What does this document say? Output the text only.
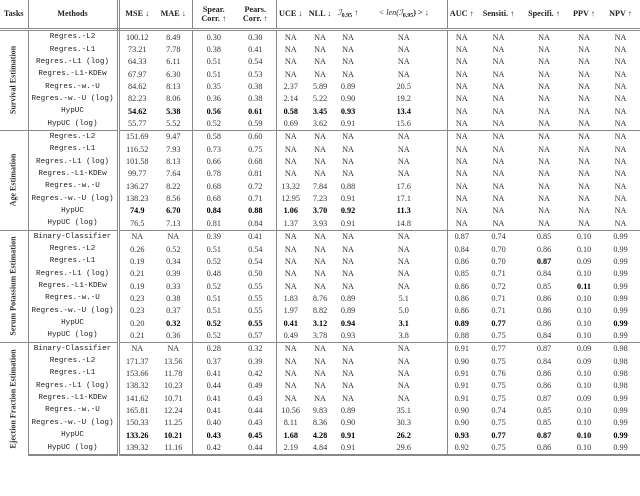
Tasks	Methods	MSE ↓	MAE ↓	Spear. Corr. ↑	Pears. Corr. ↑	UCE ↓	NLL ↓	ℐ$_{0.95}$ ↑	< len(ℐ$_{0.95}$) > ↓	AUC ↑	Sensiti. ↑	Specifi. ↑	PPV ↑	NPV ↑

Survival Estimation	Regres.-L2	100.12	8.49	0.30	0.30	NA	NA	NA	NA	NA	NA	NA	NA	NA
	Regres.-L1	73.21	7.78	0.38	0.41	NA	NA	NA	NA	NA	NA	NA	NA	NA
	Regres.-L1 (log)	64.33	6.11	0.51	0.54	NA	NA	NA	NA	NA	NA	NA	NA	NA
	Regres.-L1-KDEw	67.97	6.30	0.51	0.53	NA	NA	NA	NA	NA	NA	NA	NA	NA
	Regres.-w.-U	84.62	8.13	0.35	0.38	2.37	5.89	0.89	20.5	NA	NA	NA	NA	NA
	Regres.-w.-U (log)	82.23	8.06	0.36	0.38	2.14	5.22	0.90	19.2	NA	NA	NA	NA	NA
	HypUC	54.62	5.38	0.56	0.61	0.58	3.45	0.93	13.4	NA	NA	NA	NA	NA
	HypUC (log)	55.77	5.52	0.52	0.59	0.69	3.62	0.91	15.6	NA	NA	NA	NA	NA

Age Estimation	Regres.-L2	151.69	9.47	0.58	0.60	NA	NA	NA	NA	NA	NA	NA	NA	NA
	Regres.-L1	116.52	7.93	0.73	0.75	NA	NA	NA	NA	NA	NA	NA	NA	NA
	Regres.-L1 (log)	101.58	8.13	0.66	0.68	NA	NA	NA	NA	NA	NA	NA	NA	NA
	Regres.-L1-KDEw	99.77	7.64	0.78	0.81	NA	NA	NA	NA	NA	NA	NA	NA	NA
	Regres.-w.-U	136.27	8.22	0.68	0.72	13.32	7.84	0.88	17.6	NA	NA	NA	NA	NA
	Regres.-w.-U (log)	138.23	8.56	0.68	0.71	12.95	7.23	0.91	17.1	NA	NA	NA	NA	NA
	HypUC	74.9	6.70	0.84	0.88	1.06	3.70	0.92	11.3	NA	NA	NA	NA	NA
	HypUC (log)	76.5	7.13	0.81	0.84	1.37	3.93	0.91	14.8	NA	NA	NA	NA	NA

Serum Potassium Estimation	Binary-Classifier	NA	NA	0.39	0.41	NA	NA	NA	NA	0.87	0.74	0.85	0.10	0.99
	Regres.-L2	0.26	0.52	0.51	0.54	NA	NA	NA	NA	0.84	0.70	0.86	0.10	0.99
	Regres.-L1	0.19	0.34	0.52	0.54	NA	NA	NA	NA	0.86	0.70	0.87	0.09	0.99
	Regres.-L1 (log)	0.21	0.39	0.48	0.50	NA	NA	NA	NA	0.85	0.71	0.84	0.10	0.99
	Regres.-L1-KDEw	0.19	0.33	0.52	0.55	NA	NA	NA	NA	0.86	0.72	0.85	0.11	0.99
	Regres.-w.-U	0.23	0.38	0.51	0.55	1.83	8.76	0.89	5.1	0.86	0.71	0.86	0.10	0.99
	Regres.-w.-U (log)	0.23	0.37	0.51	0.55	1.97	8.82	0.89	5.0	0.86	0.71	0.86	0.10	0.99
	HypUC	0.20	0.32	0.52	0.55	0.41	3.12	0.94	3.1	0.89	0.77	0.86	0.10	0.99
	HypUC (log)	0.21	0.36	0.52	0.57	0.49	3.78	0.93	3.8	0.88	0.75	0.84	0.10	0.99

Ejection Fraction Estimation	Binary-Classifier	NA	NA	0.28	0.32	NA	NA	NA	NA	0.91	0.77	0.87	0.09	0.98
	Regres.-L2	171.37	13.56	0.37	0.39	NA	NA	NA	NA	0.90	0.75	0.84	0.09	0.98
	Regres.-L1	153.66	11.78	0.41	0.42	NA	NA	NA	NA	0.91	0.76	0.86	0.10	0.98
	Regres.-L1 (log)	138.32	10.23	0.44	0.49	NA	NA	NA	NA	0.91	0.75	0.86	0.10	0.98
	Regres.-L1-KDEw	141.62	10.71	0.41	0.43	NA	NA	NA	NA	0.91	0.75	0.87	0.09	0.99
	Regres.-w.-U	165.81	12.24	0.41	0.44	10.56	9.83	0.89	35.1	0.90	0.74	0.85	0.10	0.99
	Regres.-w.-U (log)	150.33	11.25	0.40	0.43	8.11	8.36	0.90	30.3	0.90	0.75	0.85	0.10	0.99
	HypUC	133.26	10.21	0.43	0.45	1.68	4.28	0.91	26.2	0.93	0.77	0.87	0.10	0.99
	HypUC (log)	139.32	11.16	0.42	0.44	2.19	4.84	0.91	29.6	0.92	0.75	0.86	0.10	0.99
